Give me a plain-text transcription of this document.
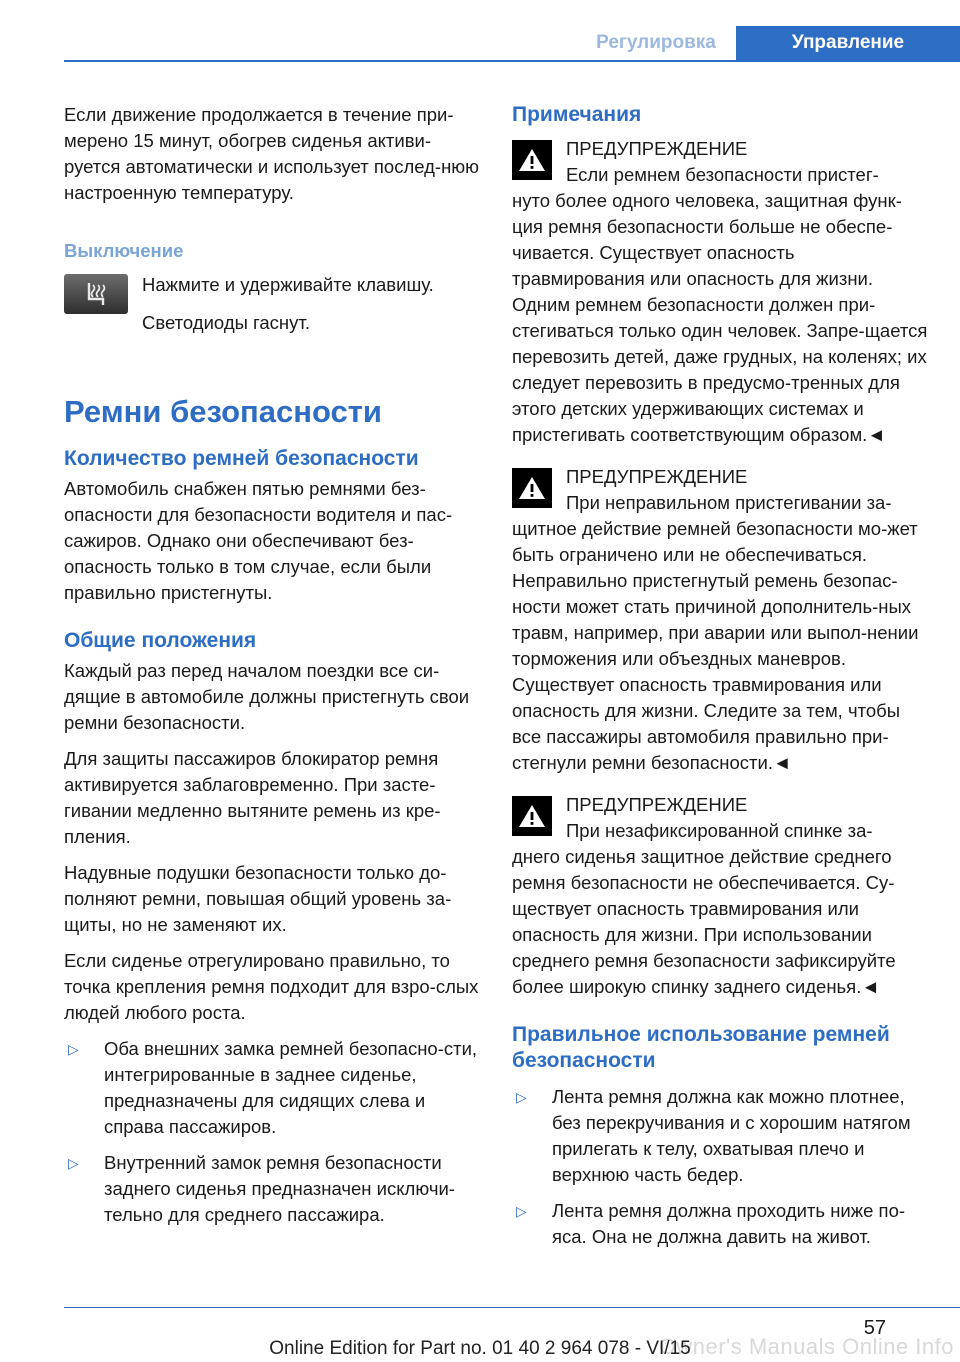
Регулировка	Управление

Если движение продолжается в течение при‐мерено 15 минут, обогрев сиденья активи‐руется автоматически и использует послед‐нюю настроенную температуру.

Выключение

Нажмите и удерживайте клавишу.

Светодиоды гаснут.

Ремни безопасности
Количество ремней безопасности

Автомобиль снабжен пятью ремнями без‐опасности для безопасности водителя и пас‐сажиров. Однако они обеспечивают без‐опасность только в том случае, если были правильно пристегнуты.

Общие положения

Каждый раз перед началом поездки все си‐дящие в автомобиле должны пристегнуть свои ремни безопасности.

Для защиты пассажиров блокиратор ремня активируется заблаговременно. При засте‐гивании медленно вытяните ремень из кре‐пления.

Надувные подушки безопасности только до‐полняют ремни, повышая общий уровень за‐щиты, но не заменяют их.

Если сиденье отрегулировано правильно, то точка крепления ремня подходит для взро‐слых людей любого роста.

▷	Оба внешних замка ремней безопасно‐сти, интегрированные в заднее сиденье, предназначены для сидящих слева и справа пассажиров.
▷	Внутренний замок ремня безопасности заднего сиденья предназначен исключи‐тельно для среднего пассажира.
Примечания
ПРЕДУПРЕЖДЕНИЕ
Если ремнем безопасности пристег‐
нуто более одного человека, защитная функ‐ция ремня безопасности больше не обеспе‐чивается. Существует опасность травмирования или опасность для жизни. Одним ремнем безопасности должен при‐стегиваться только один человек. Запре‐щается перевозить детей, даже грудных, на коленях; их следует перевозить в предусмо‐тренных для этого детских удерживающих системах и пристегивать соответствующим образом.◄
ПРЕДУПРЕЖДЕНИЕ
При неправильном пристегивании за‐
щитное действие ремней безопасности мо‐жет быть ограничено или не обеспечиваться. Неправильно пристегнутый ремень безопас‐ности может стать причиной дополнитель‐ных травм, например, при аварии или выпол‐нении торможения или объездных маневров. Существует опасность травмирования или опасность для жизни. Следите за тем, чтобы все пассажиры автомобиля правильно при‐стегнули ремни безопасности.◄
ПРЕДУПРЕЖДЕНИЕ
При незафиксированной спинке за‐
днего сиденья защитное действие среднего ремня безопасности не обеспечивается. Су‐ществует опасность травмирования или опасность для жизни. При использовании среднего ремня безопасности зафиксируйте более широкую спинку заднего сиденья.◄
Правильное использование ремней безопасности
▷	Лента ремня должна как можно плотнее, без перекручивания и с хорошим натягом прилегать к телу, охватывая плечо и верхнюю часть бедер.
▷	Лента ремня должна проходить ниже по‐яса. Она не должна давить на живот.
57
Owner's Manuals Online Info
Online Edition for Part no. 01 40 2 964 078 - VI/15
